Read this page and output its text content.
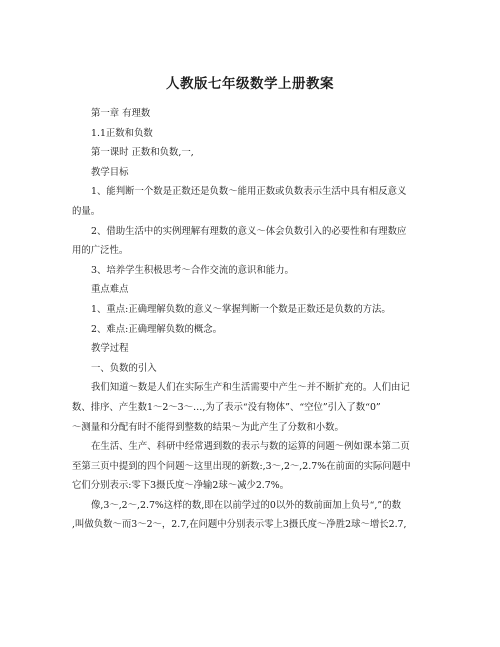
人教版七年级数学上册教案

第一章 有理数

1.1正数和负数

第一课时 正数和负数,一,

教学目标

1、能判断一个数是正数还是负数～能用正数或负数表示生活中具有相反意义

的量。

2、借助生活中的实例理解有理数的意义～体会负数引入的必要性和有理数应

用的广泛性。

3、培养学生积极思考～合作交流的意识和能力。

重点难点

1、重点:正确理解负数的意义～掌握判断一个数是正数还是负数的方法。

2、难点:正确理解负数的概念。

教学过程

一、负数的引入

我们知道～数是人们在实际生产和生活需要中产生～并不断扩充的。人们由记

数、排序、产生数1～2～3～…,为了表示“没有物体”、“空位”引入了数“0”

～测量和分配有时不能得到整数的结果～为此产生了分数和小数。

在生活、生产、科研中经常遇到数的表示与数的运算的问题～例如课本第二页

至第三页中提到的四个问题～这里出现的新数:,3～,2～,2.7%在前面的实际问题中

它们分别表示:零下3摄氏度～净输2球～减少2.7%。

像,3～,2～,2.7%这样的数,即在以前学过的0以外的数前面加上负号“,”的数

,叫做负数～而3～2～，2.7,在问题中分别表示零上3摄氏度～净胜2球～增长2.7,
